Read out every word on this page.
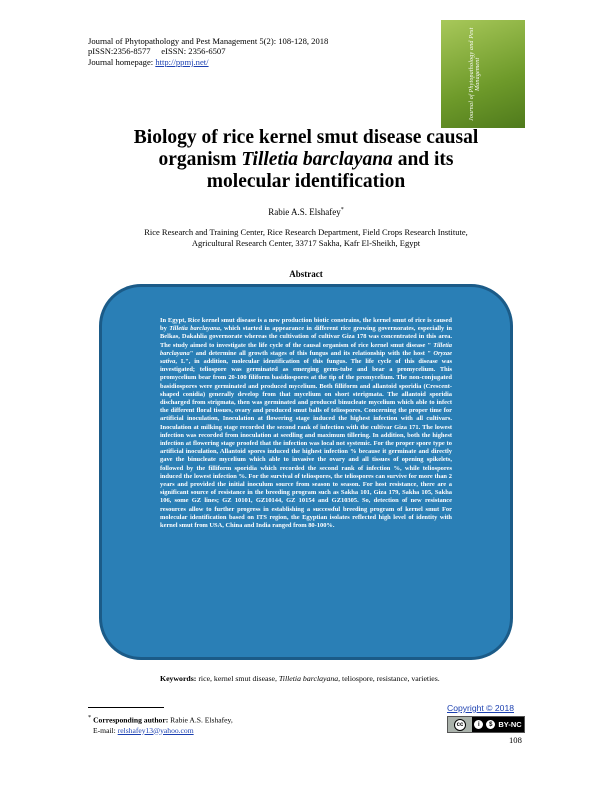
Journal of Phytopathology and Pest Management 5(2): 108-128, 2018
pISSN:2356-8577     eISSN: 2356-6507
Journal homepage: http://ppmj.net/	Journal of Phytopathology and Pest Management
Biology of rice kernel smut disease causal
organism Tilletia barclayana and its
molecular identification
Rabie A.S. Elshafey*
Rice Research and Training Center, Rice Research Department, Field Crops Research Institute,
Agricultural Research Center, 33717 Sakha, Kafr El-Sheikh, Egypt
Abstract

In Egypt, Rice kernel smut disease is a new production biotic constrains, the kernel smut of rice is caused by Tilletia barclayana, which started in appearance in different rice growing governorates, especially in Belkas, Dakahlia governorate whereas the cultivation of cultivar Giza 178 was concentrated in this area. The study aimed to investigate the life cycle of the causal organism of rice kernel smut disease " Tilletia barclayana" and determine all growth stages of this fungus and its relationship with the host " Oryzae sativa, L", in addition, molecular identification of this fungus. The life cycle of this disease was investigated; teliospore was germinated as emerging germ-tube and bear a promycelium. This promycelium bear from 20-100 filiform basidiospores at the tip of the promycelium. The non-conjugated basidiospores were germinated and produced mycelium. Both filliform and allantoid sporidia (Crescent-shaped conidia) generally develop from that mycelium on short sterigmata. The allantoid sporidia discharged from strigmata, then was germinated and produced binucleate mycelium which able to infect the different floral tissues, ovary and produced smut balls of teliospores. Concerning the proper time for artificial inoculation, Inoculation at flowering stage induced the highest infection with all cultivars. Inoculation at milking stage recorded the second rank of infection with the cultivar Giza 171. The lowest infection was recorded from inoculation at seedling and maximum tillering. In addition, both the highest infection at flowering stage proofed that the infection was local not systemic. For the proper spore type to artificial inoculation, Allantoid spores induced the highest infection % because it germinate and directly gave the binucleate mycelium which able to invasive the ovary and all tissues of opening spikelets, followed by the filliform sporidia which recorded the second rank of infection %, while teliospores induced the lowest infection %. For the survival of teliospores, the teliospores can survive for more than 2 years and provided the initial inoculum source from season to season. For host resistance, there are a significant source of resistance in the breeding program such as Sakha 101, Giza 179, Sakha 105, Sakha 106, some GZ lines; GZ 10101, GZ10144, GZ 10154 and GZ10305. So, detection of new resistance resources allow to further progress in establishing a successful breeding program of kernel smut For molecular identification based on ITS region, the Egyptian isolates reflected high level of identity with kernel smut from USA, China and India ranged from 80-100%.

Keywords: rice, kernel smut disease, Tilletia barclayana, teliospore, resistance, varieties.
* Corresponding author: Rabie A.S. Elshafey,
E-mail: relshafey13@yahoo.com
Copyright © 2018
cc	i	$ BY-NC
108
